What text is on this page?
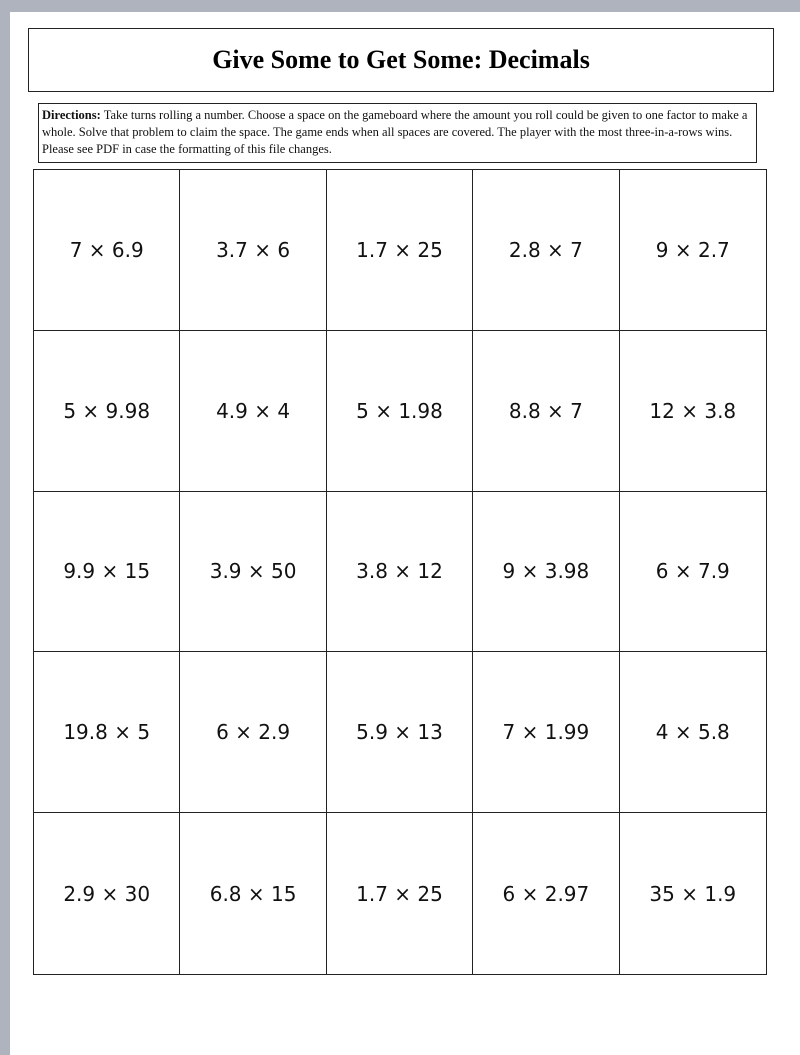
Give Some to Get Some: Decimals
Directions: Take turns rolling a number. Choose a space on the gameboard where the amount you roll could be given to one factor to make a whole. Solve that problem to claim the space. The game ends when all spaces are covered. The player with the most three-in-a-rows wins. Please see PDF in case the formatting of this file changes.
7 × 6.9	3.7 × 6	1.7 × 25	2.8 × 7	9 × 2.7
5 × 9.98	4.9 × 4	5 × 1.98	8.8 × 7	12 × 3.8
9.9 × 15	3.9 × 50	3.8 × 12	9 × 3.98	6 × 7.9
19.8 × 5	6 × 2.9	5.9 × 13	7 × 1.99	4 × 5.8
2.9 × 30	6.8 × 15	1.7 × 25	6 × 2.97	35 × 1.9
